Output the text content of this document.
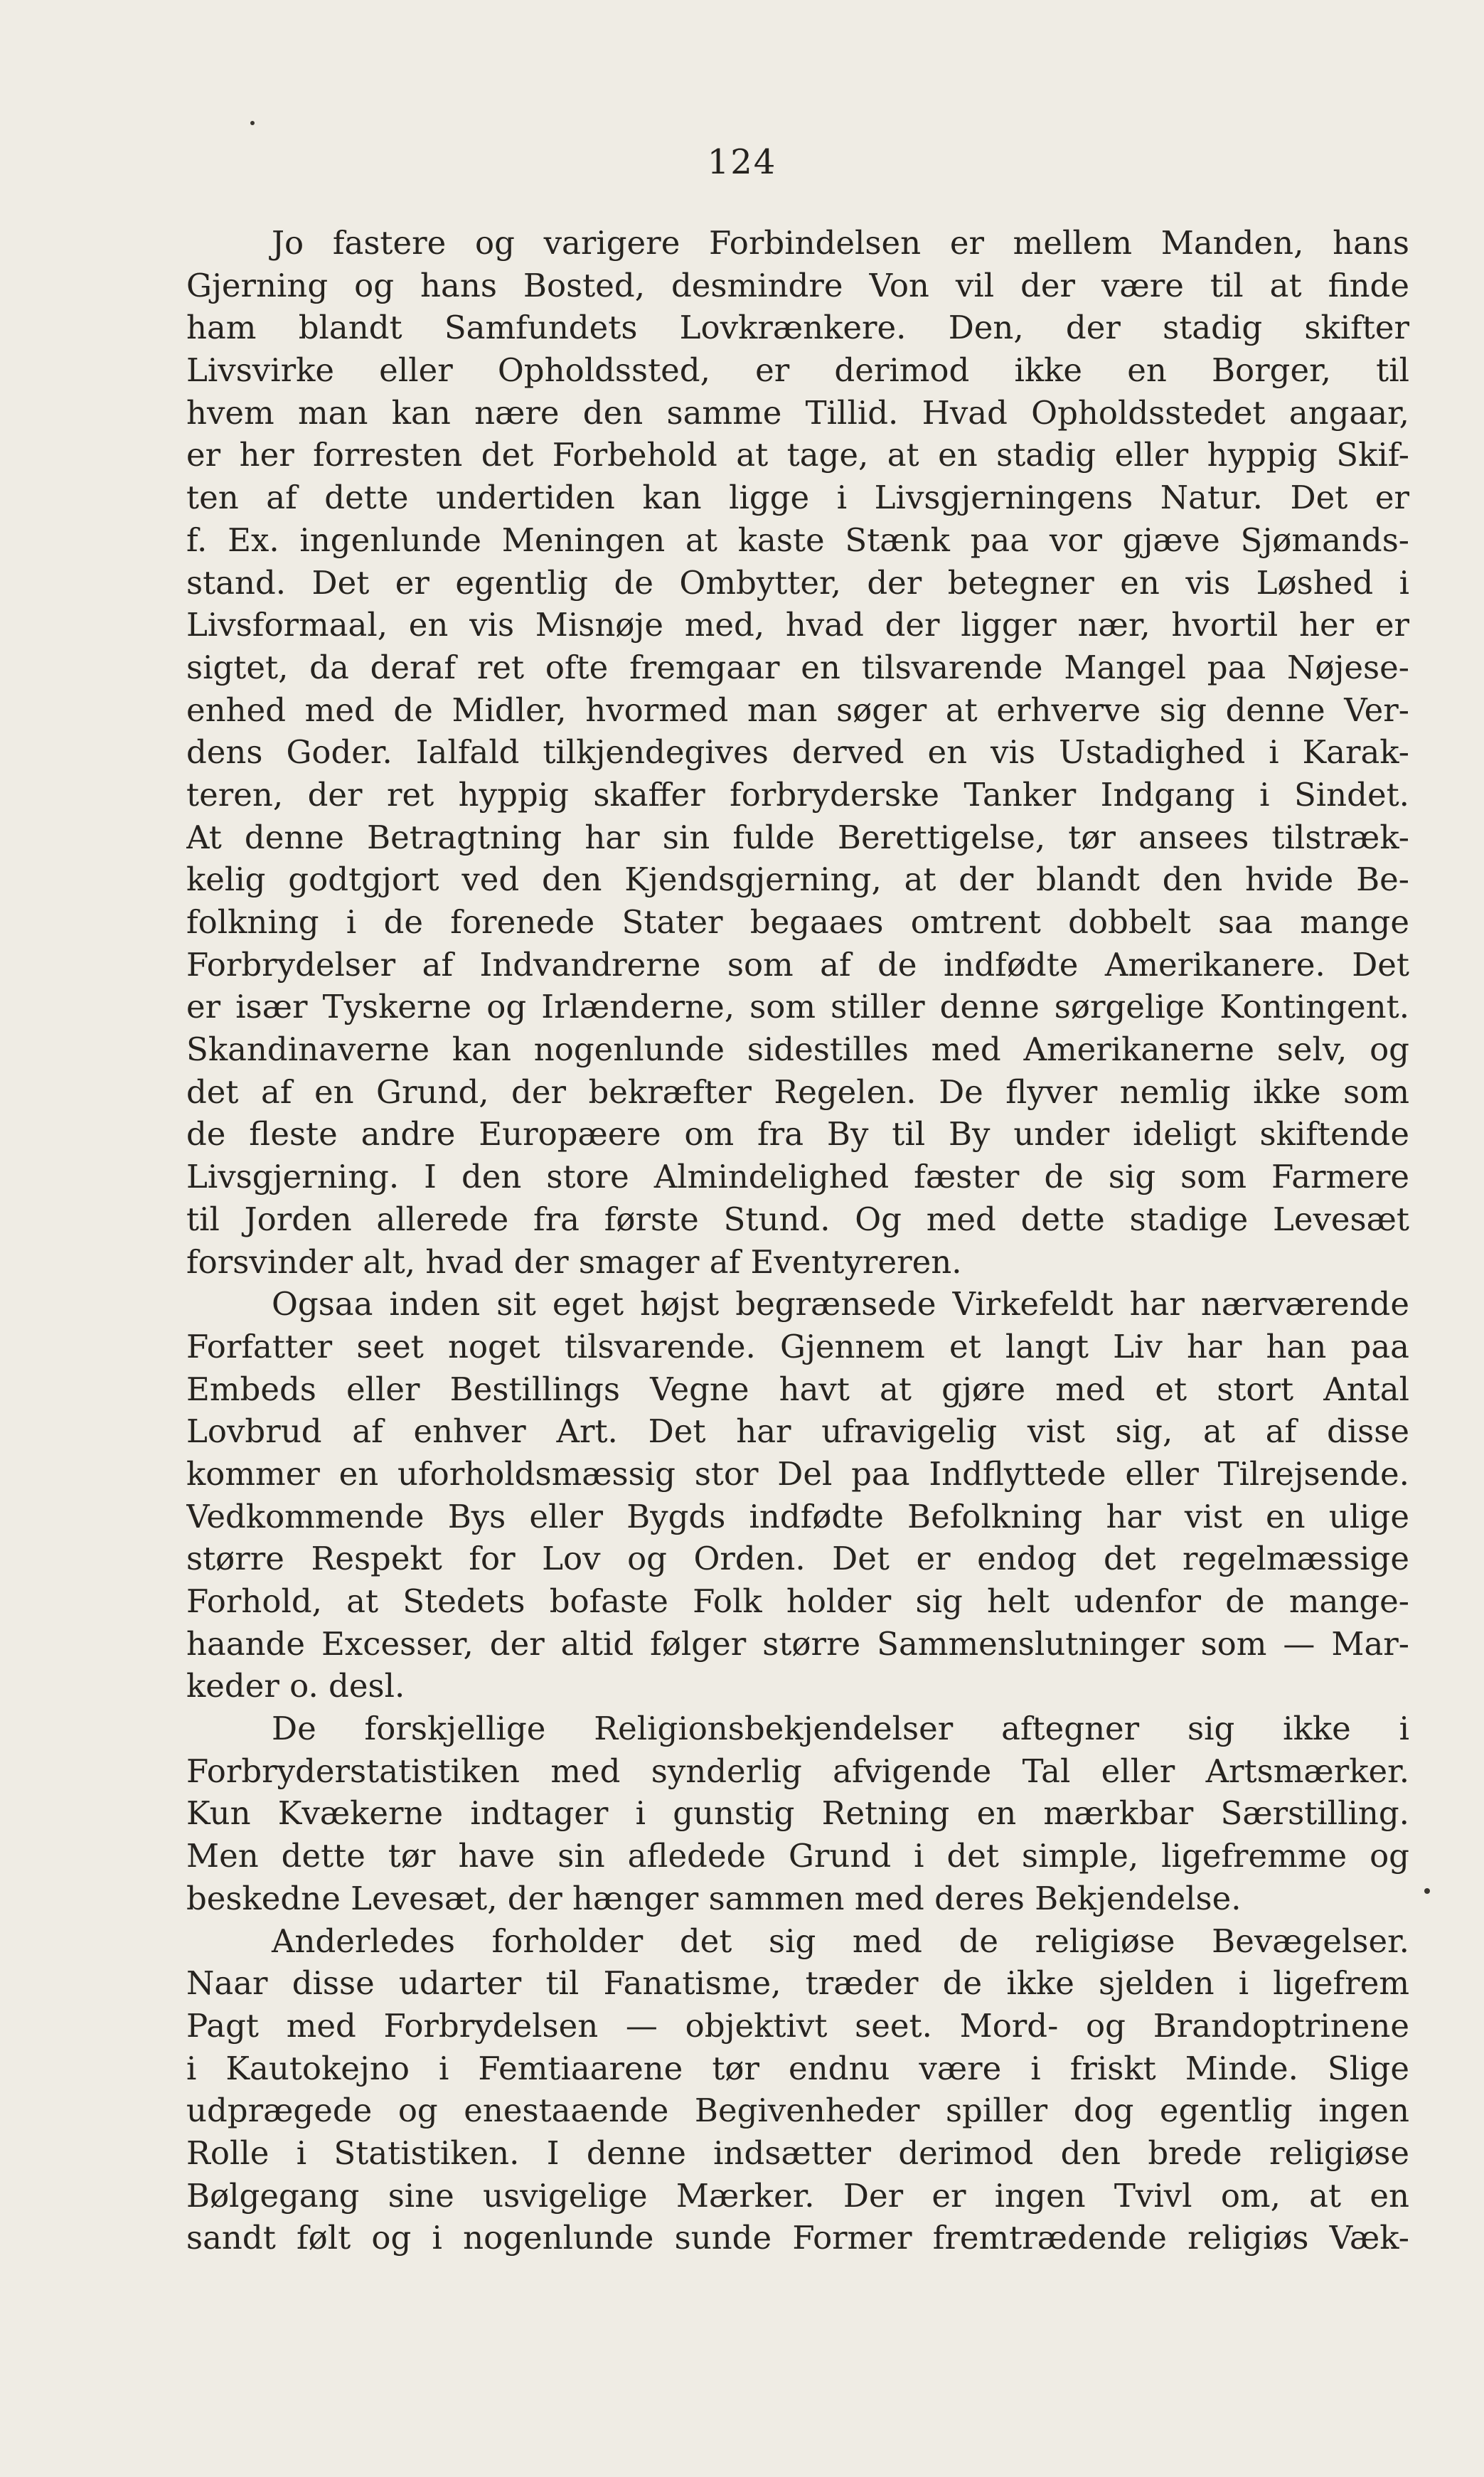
124
Jo fastere og varigere Forbindelsen er mellem Manden, hans
Gjerning og hans Bosted, desmindre Von vil der være til at finde
ham blandt Samfundets Lovkrænkere. Den, der stadig skifter
Livsvirke eller Opholdssted, er derimod ikke en Borger, til
hvem man kan nære den samme Tillid. Hvad Opholdsstedet angaar,
er her forresten det Forbehold at tage, at en stadig eller hyppig Skif-
ten af dette undertiden kan ligge i Livsgjerningens Natur. Det er
f. Ex. ingenlunde Meningen at kaste Stænk paa vor gjæve Sjømands-
stand. Det er egentlig de Ombytter, der betegner en vis Løshed i
Livsformaal, en vis Misnøje med, hvad der ligger nær, hvortil her er
sigtet, da deraf ret ofte fremgaar en tilsvarende Mangel paa Nøjese-
enhed med de Midler, hvormed man søger at erhverve sig denne Ver-
dens Goder. Ialfald tilkjendegives derved en vis Ustadighed i Karak-
teren, der ret hyppig skaffer forbryderske Tanker Indgang i Sindet.
At denne Betragtning har sin fulde Berettigelse, tør ansees tilstræk-
kelig godtgjort ved den Kjendsgjerning, at der blandt den hvide Be-
folkning i de forenede Stater begaaes omtrent dobbelt saa mange
Forbrydelser af Indvandrerne som af de indfødte Amerikanere. Det
er især Tyskerne og Irlænderne, som stiller denne sørgelige Kontingent.
Skandinaverne kan nogenlunde sidestilles med Amerikanerne selv, og
det af en Grund, der bekræfter Regelen. De flyver nemlig ikke som
de fleste andre Europæere om fra By til By under ideligt skiftende
Livsgjerning. I den store Almindelighed fæster de sig som Farmere
til Jorden allerede fra første Stund. Og med dette stadige Levesæt
forsvinder alt, hvad der smager af Eventyreren.
Ogsaa inden sit eget højst begrænsede Virkefeldt har nærværende
Forfatter seet noget tilsvarende. Gjennem et langt Liv har han paa
Embeds eller Bestillings Vegne havt at gjøre med et stort Antal
Lovbrud af enhver Art. Det har ufravigelig vist sig, at af disse
kommer en uforholdsmæssig stor Del paa Indflyttede eller Tilrejsende.
Vedkommende Bys eller Bygds indfødte Befolkning har vist en ulige
større Respekt for Lov og Orden. Det er endog det regelmæssige
Forhold, at Stedets bofaste Folk holder sig helt udenfor de mange-
haande Excesser, der altid følger større Sammenslutninger som — Mar-
keder o. desl.
De forskjellige Religionsbekjendelser aftegner sig ikke i
Forbryderstatistiken med synderlig afvigende Tal eller Artsmærker.
Kun Kvækerne indtager i gunstig Retning en mærkbar Særstilling.
Men dette tør have sin afledede Grund i det simple, ligefremme og
beskedne Levesæt, der hænger sammen med deres Bekjendelse.
Anderledes forholder det sig med de religiøse Bevægelser.
Naar disse udarter til Fanatisme, træder de ikke sjelden i ligefrem
Pagt med Forbrydelsen — objektivt seet. Mord- og Brandoptrinene
i Kautokejno i Femtiaarene tør endnu være i friskt Minde. Slige
udprægede og enestaaende Begivenheder spiller dog egentlig ingen
Rolle i Statistiken. I denne indsætter derimod den brede religiøse
Bølgegang sine usvigelige Mærker. Der er ingen Tvivl om, at en
sandt følt og i nogenlunde sunde Former fremtrædende religiøs Væk-
